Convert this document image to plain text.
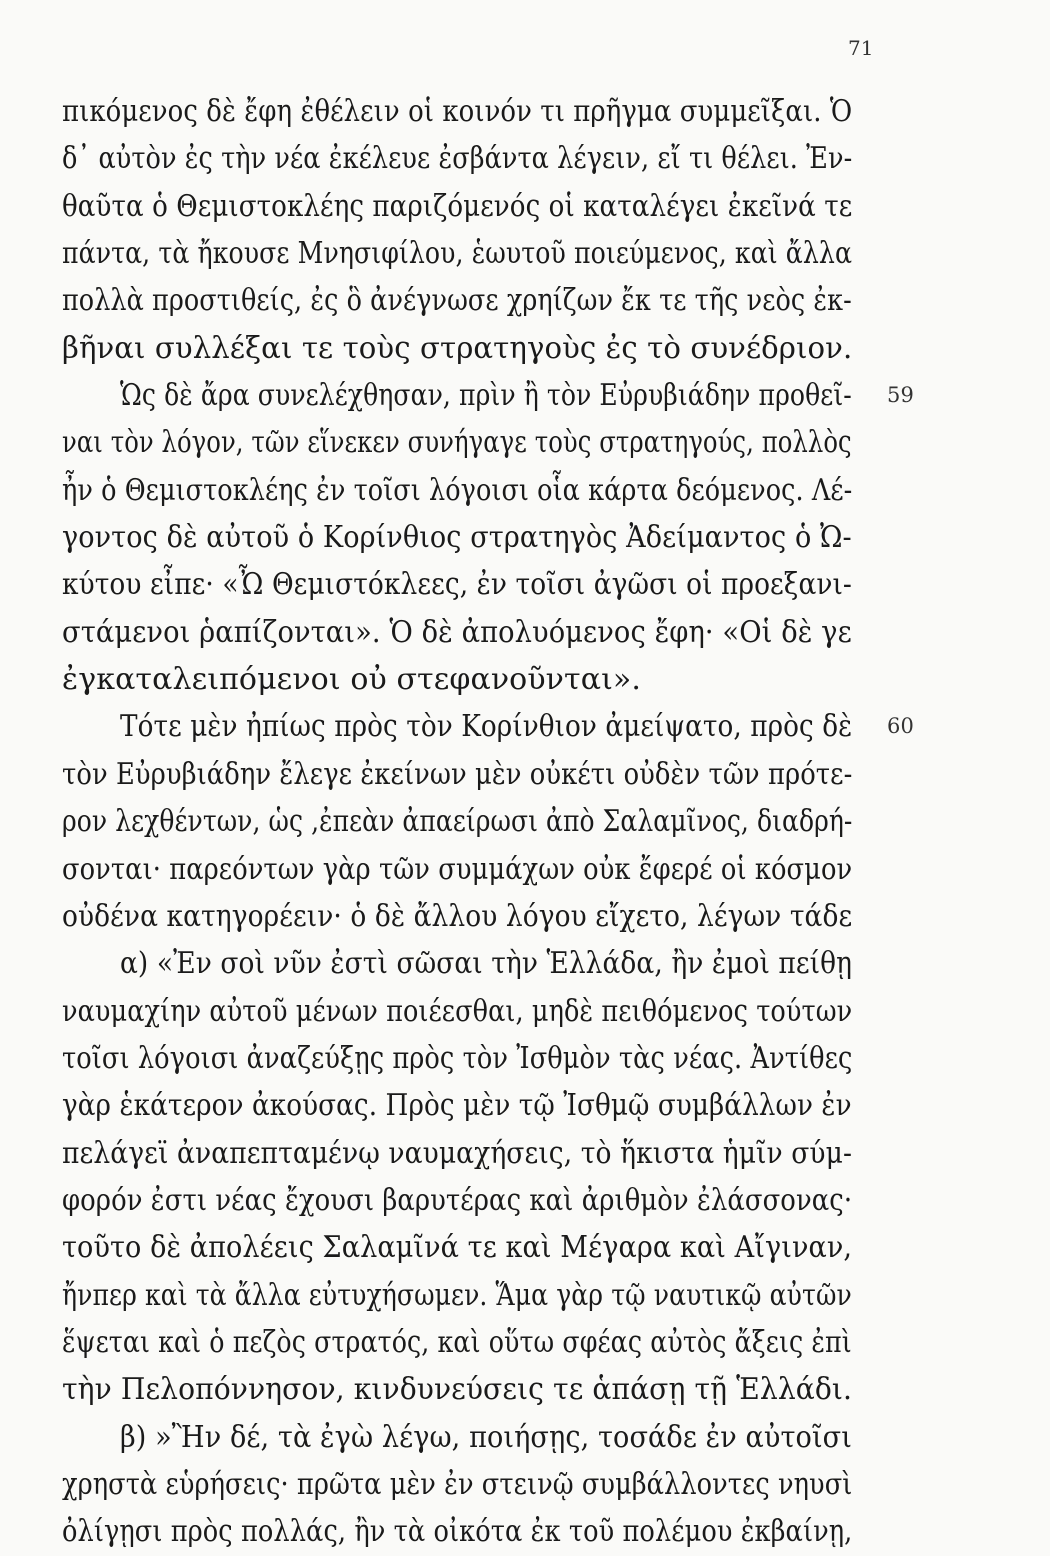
71
πικόμενος δὲ ἔφη ἐθέλειν οἱ κοινόν τι πρῆγμα συμμεῖξαι. Ὁ
δ᾿ αὐτὸν ἐς τὴν νέα ἐκέλευε ἐσβάντα λέγειν, εἴ τι θέλει. Ἐν-
θαῦτα ὁ Θεμιστοκλέης παριζόμενός οἱ καταλέγει ἐκεῖνά τε
πάντα, τὰ ἤκουσε Μνησιφίλου, ἑωυτοῦ ποιεύμενος, καὶ ἄλλα
πολλὰ προστιθείς, ἐς ὃ ἀνέγνωσε χρηίζων ἔκ τε τῆς νεὸς ἐκ-
βῆναι συλλέξαι τε τοὺς στρατηγοὺς ἐς τὸ συνέδριον.
Ὡς δὲ ἄρα συνελέχθησαν, πρὶν ἢ τὸν Εὐρυβιάδην προθεῖ- 59
ναι τὸν λόγον, τῶν εἵνεκεν συνήγαγε τοὺς στρατηγούς, πολλὸς
ἦν ὁ Θεμιστοκλέης ἐν τοῖσι λόγοισι οἷα κάρτα δεόμενος. Λέ-
γοντος δὲ αὐτοῦ ὁ Κορίνθιος στρατηγὸς Ἀδείμαντος ὁ Ὠ-
κύτου εἶπε· «Ὦ Θεμιστόκλεες, ἐν τοῖσι ἀγῶσι οἱ προεξανι-
στάμενοι ῥαπίζονται». Ὁ δὲ ἀπολυόμενος ἔφη· «Οἱ δὲ γε
ἐγκαταλειπόμενοι οὐ στεφανοῦνται».
Τότε μὲν ἠπίως πρὸς τὸν Κορίνθιον ἀμείψατο, πρὸς δὲ 60
τὸν Εὐρυβιάδην ἔλεγε ἐκείνων μὲν οὐκέτι οὐδὲν τῶν πρότε-
ρον λεχθέντων, ὡς ,ἐπεὰν ἀπαείρωσι ἀπὸ Σαλαμῖνος, διαδρή-
σονται· παρεόντων γὰρ τῶν συμμάχων οὐκ ἔφερέ οἱ κόσμον
οὐδένα κατηγορέειν· ὁ δὲ ἄλλου λόγου εἴχετο, λέγων τάδε
α) «Ἐν σοὶ νῦν ἐστὶ σῶσαι τὴν Ἑλλάδα, ἢν ἐμοὶ πείθῃ
ναυμαχίην αὐτοῦ μένων ποιέεσθαι, μηδὲ πειθόμενος τούτων
τοῖσι λόγοισι ἀναζεύξῃς πρὸς τὸν Ἰσθμὸν τὰς νέας. Ἀντίθες
γὰρ ἑκάτερον ἀκούσας. Πρὸς μὲν τῷ Ἰσθμῷ συμβάλλων ἐν
πελάγεϊ ἀναπεπταμένῳ ναυμαχήσεις, τὸ ἥκιστα ἡμῖν σύμ-
φορόν ἐστι νέας ἔχουσι βαρυτέρας καὶ ἀριθμὸν ἐλάσσονας·
τοῦτο δὲ ἀπολέεις Σαλαμῖνά τε καὶ Μέγαρα καὶ Αἴγιναν,
ἤνπερ καὶ τὰ ἄλλα εὐτυχήσωμεν. Ἅμα γὰρ τῷ ναυτικῷ αὐτῶν
ἕψεται καὶ ὁ πεζὸς στρατός, καὶ οὕτω σφέας αὐτὸς ἄξεις ἐπὶ
τὴν Πελοπόννησον, κινδυνεύσεις τε ἁπάσῃ τῇ Ἑλλάδι.
β) »Ἢν δέ, τὰ ἐγὼ λέγω, ποιήσῃς, τοσάδε ἐν αὐτοῖσι
χρηστὰ εὑρήσεις· πρῶτα μὲν ἐν στεινῷ συμβάλλοντες νηυσὶ
ὀλίγῃσι πρὸς πολλάς, ἢν τὰ οἰκότα ἐκ τοῦ πολέμου ἐκβαίνῃ,
